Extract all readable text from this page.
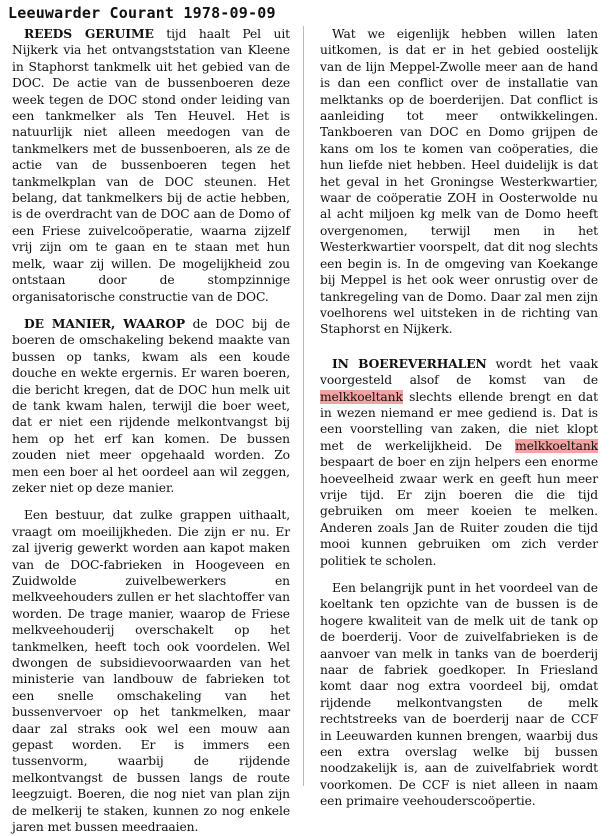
Leeuwarder Courant 1978-09-09

REEDS GERUIME tijd haalt Pel uit Nijkerk via het ontvangststation van Kleene in Staphorst tankmelk uit het gebied van de DOC. De actie van de bussenboeren deze week tegen de DOC stond onder leiding van een tankmelker als Ten Heuvel. Het is natuurlijk niet alleen meedogen van de tankmelkers met de bussenboeren, als ze de actie van de bussenboeren tegen het tankmelkplan van de DOC steunen. Het belang, dat tankmelkers bij de actie hebben, is de overdracht van de DOC aan de Domo of een Friese zuivelcoöperatie, waarna zijzelf vrij zijn om te gaan en te staan met hun melk, waar zij willen. De mogelijkheid zou ontstaan door de stompzinnige organisatorische constructie van de DOC.

DE MANIER, WAAROP de DOC bij de boeren de omschakeling bekend maakte van bussen op tanks, kwam als een koude douche en wekte ergernis. Er waren boeren, die bericht kregen, dat de DOC hun melk uit de tank kwam halen, terwijl die boer weet, dat er niet een rijdende melkontvangst bij hem op het erf kan komen. De bussen zouden niet meer opgehaald worden. Zo men een boer al het oordeel aan wil zeggen, zeker niet op deze manier.

Een bestuur, dat zulke grappen uithaalt, vraagt om moeilijkheden. Die zijn er nu. Er zal ijverig gewerkt worden aan kapot maken van de DOC-fabrieken in Hoogeveen en Zuidwolde zuivelbewerkers en melkveehouders zullen er het slachtoffer van worden. De trage manier, waarop de Friese melkveehouderij overschakelt op het tankmelken, heeft toch ook voordelen. Wel dwongen de subsidievoorwaarden van het ministerie van landbouw de fabrieken tot een snelle omschakeling van het bussenvervoer op het tankmelken, maar daar zal straks ook wel een mouw aan gepast worden. Er is immers een tussenvorm, waarbij de rijdende melkontvangst de bussen langs de route leegzuigt. Boeren, die nog niet van plan zijn de melkerij te staken, kunnen zo nog enkele jaren met bussen meedraaien.

Wat we eigenlijk hebben willen laten uitkomen, is dat er in het gebied oostelijk van de lijn Meppel-Zwolle meer aan de hand is dan een conflict over de installatie van melktanks op de boerderijen. Dat conflict is aanleiding tot meer ontwikkelingen. Tankboeren van DOC en Domo grijpen de kans om los te komen van coöperaties, die hun liefde niet hebben. Heel duidelijk is dat het geval in het Groningse Westerkwartier, waar de coöperatie ZOH in Oosterwolde nu al acht miljoen kg melk van de Domo heeft overgenomen, terwijl men in het Westerkwartier voorspelt, dat dit nog slechts een begin is. In de omgeving van Koekange bij Meppel is het ook weer onrustig over de tankregeling van de Domo. Daar zal men zijn voelhorens wel uitsteken in de richting van Staphorst en Nijkerk.

IN BOEREVERHALEN wordt het vaak voorgesteld alsof de komst van de melkkoeltank slechts ellende brengt en dat in wezen niemand er mee gediend is. Dat is een voorstelling van zaken, die niet klopt met de werkelijkheid. De melkkoeltank bespaart de boer en zijn helpers een enorme hoeveelheid zwaar werk en geeft hun meer vrije tijd. Er zijn boeren die die tijd gebruiken om meer koeien te melken. Anderen zoals Jan de Ruiter zouden die tijd mooi kunnen gebruiken om zich verder politiek te scholen.

Een belangrijk punt in het voordeel van de koeltank ten opzichte van de bussen is de hogere kwaliteit van de melk uit de tank op de boerderij. Voor de zuivelfabrieken is de aanvoer van melk in tanks van de boerderij naar de fabriek goedkoper. In Friesland komt daar nog extra voordeel bij, omdat rijdende melkontvangsten de melk rechtstreeks van de boerderij naar de CCF in Leeuwarden kunnen brengen, waarbij dus een extra overslag welke bij bussen noodzakelijk is, aan de zuivelfabriek wordt voorkomen. De CCF is niet alleen in naam een primaire veehouderscoöpertie.
